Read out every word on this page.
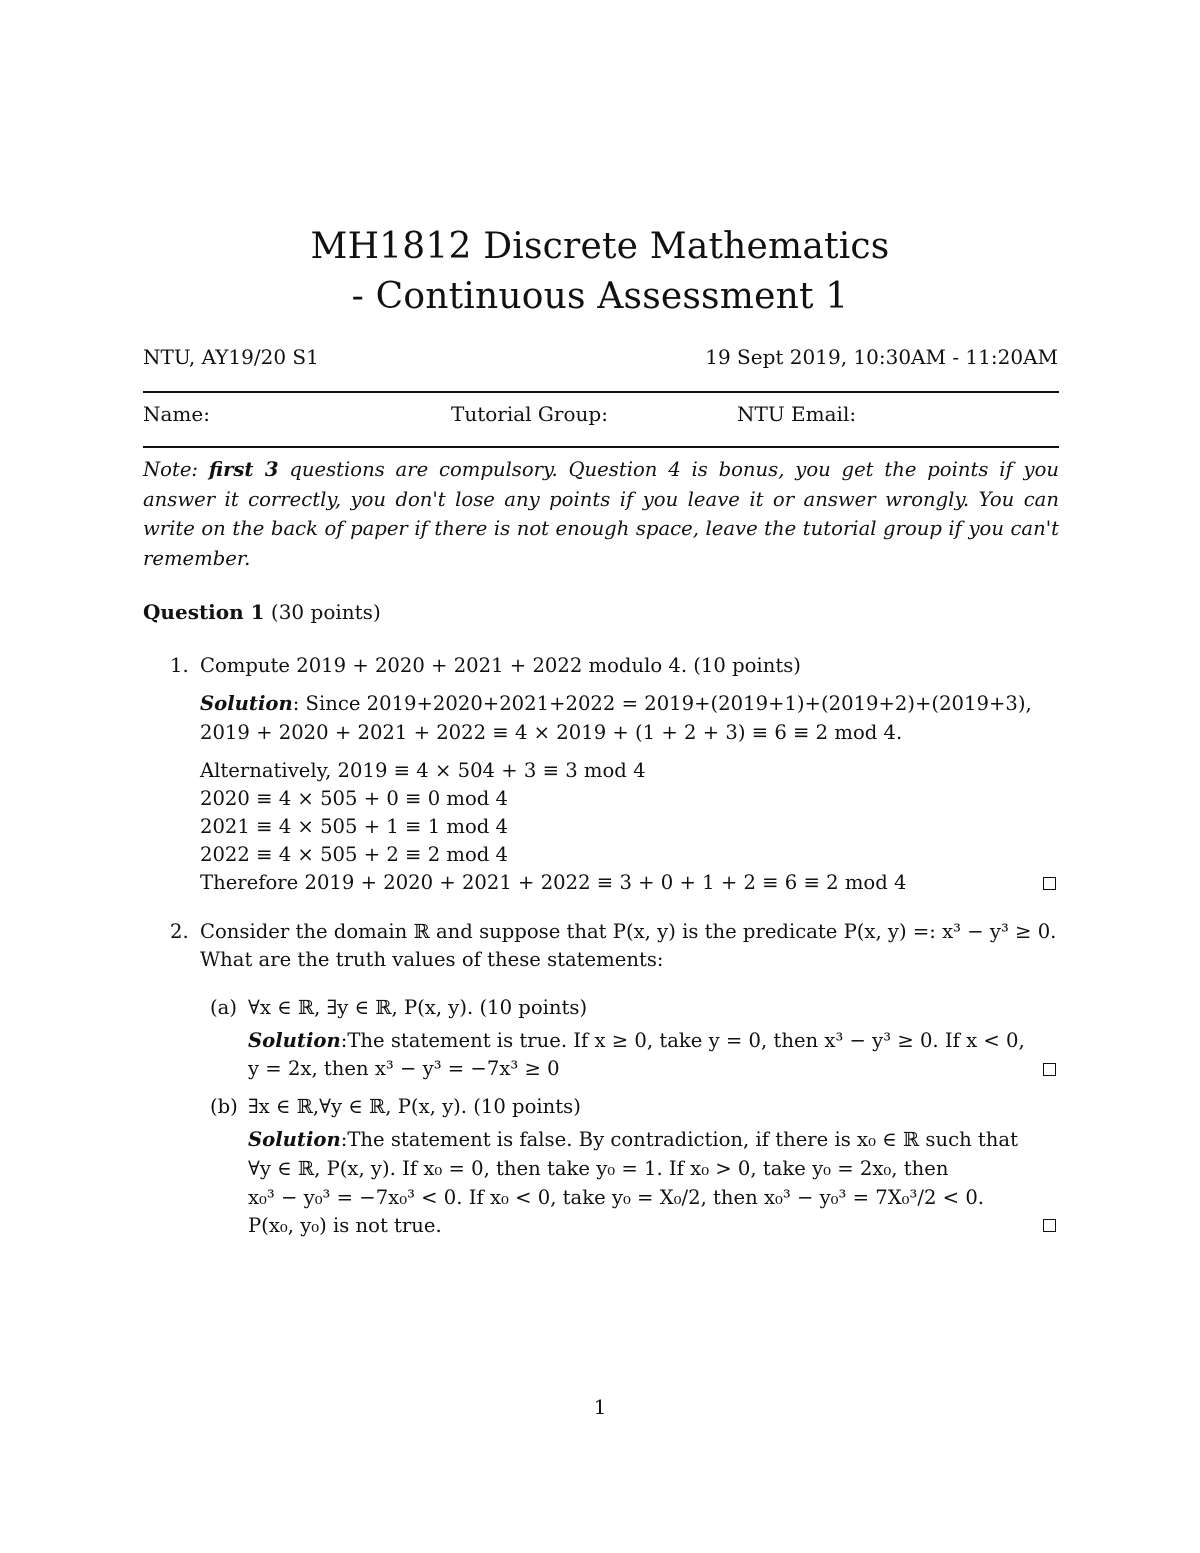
MH1812 Discrete Mathematics
- Continuous Assessment 1
NTU, AY19/20 S1	19 Sept 2019, 10:30AM - 11:20AM
Name:	Tutorial Group:	NTU Email:
Note: first 3 questions are compulsory. Question 4 is bonus, you get the points if you answer it correctly, you don't lose any points if you leave it or answer wrongly. You can write on the back of paper if there is not enough space, leave the tutorial group if you can't remember.
Question 1 (30 points)
1. Compute 2019 + 2020 + 2021 + 2022 modulo 4. (10 points)
Solution: Since 2019+2020+2021+2022 = 2019+(2019+1)+(2019+2)+(2019+3),
2019 + 2020 + 2021 + 2022 ≡ 4 × 2019 + (1 + 2 + 3) ≡ 6 ≡ 2 mod 4.
Alternatively, 2019 ≡ 4 × 504 + 3 ≡ 3 mod 4
2020 ≡ 4 × 505 + 0 ≡ 0 mod 4
2021 ≡ 4 × 505 + 1 ≡ 1 mod 4
2022 ≡ 4 × 505 + 2 ≡ 2 mod 4
Therefore 2019 + 2020 + 2021 + 2022 ≡ 3 + 0 + 1 + 2 ≡ 6 ≡ 2 mod 4
2. Consider the domain ℝ and suppose that P(x, y) is the predicate P(x, y) =: x³ − y³ ≥ 0.
What are the truth values of these statements:
(a) ∀x ∈ ℝ, ∃y ∈ ℝ, P(x, y). (10 points)
Solution:The statement is true. If x ≥ 0, take y = 0, then x³ − y³ ≥ 0. If x < 0,
y = 2x, then x³ − y³ = −7x³ ≥ 0
(b) ∃x ∈ ℝ,∀y ∈ ℝ, P(x, y). (10 points)
Solution:The statement is false. By contradiction, if there is x₀ ∈ ℝ such that
∀y ∈ ℝ, P(x, y). If x₀ = 0, then take y₀ = 1. If x₀ > 0, take y₀ = 2x₀, then
x₀³ − y₀³ = −7x₀³ < 0. If x₀ < 0, take y₀ = X₀/2, then x₀³ − y₀³ = 7X₀³/2 < 0.
P(x₀, y₀) is not true.
1
